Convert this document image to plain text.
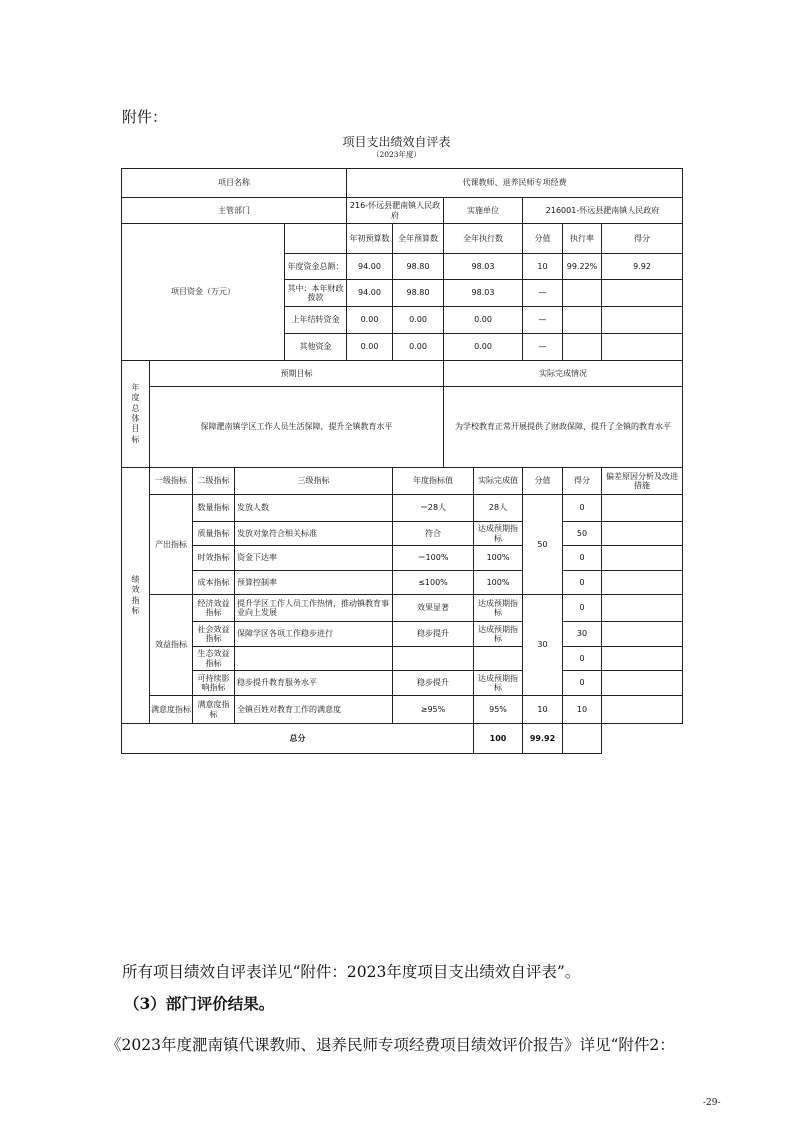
附件：
项目支出绩效自评表
（2023年度）
项目名称					代课教师、退养民师专项经费						
主管部门					216-怀远县淝南镇人民政府		实施单位		216001-怀远县淝南镇人民政府		
项目资金（万元）					年初预算数	全年预算数	全年执行数		分值	执行率	得分
				年度资金总额：	94.00	98.80	98.03		10	99.22%	9.92
				其中：本年财政拨款	94.00	98.80	98.03		—		
				上年结转资金	0.00	0.00	0.00		—		
				其他资金	0.00	0.00	0.00		—		
年度总体目标	预期目标						实际完成情况				
	保障淝南镇学区工作人员生活保障，提升全镇教育水平						为学校教育正常开展提供了财政保障，提升了全镇的教育水平				
绩效指标	一级指标	二级指标	三级指标			年度指标值		实际完成值	分值	得分	偏差原因分析及改进措施
	产出指标	数量指标	发放人数			＝28人		28人	50	0	
		质量指标	发放对象符合相关标准			符合		达成预期指标		50	
		时效指标	资金下达率			＝100%		100%		0	
		成本指标	预算控制率			≤100%		100%		0	
	效益指标	经济效益指标	提升学区工作人员工作热情，推动镇教育事业向上发展			效果显著		达成预期指标	30	0	
		社会效益指标	保障学区各项工作稳步进行			稳步提升		达成预期指标		30	
		生态效益指标								0	
		可持续影响指标	稳步提升教育服务水平			稳步提升		达成预期指标		0	
	满意度指标	满意度指标	全镇百姓对教育工作的满意度			≥95%		95%	10	10	
总分								100	99.92		
所有项目绩效自评表详见“附件：2023年度项目支出绩效自评表”。
（3）部门评价结果。
《2023年度淝南镇代课教师、退养民师专项经费项目绩效评价报告》详见“附件2：
-29-
